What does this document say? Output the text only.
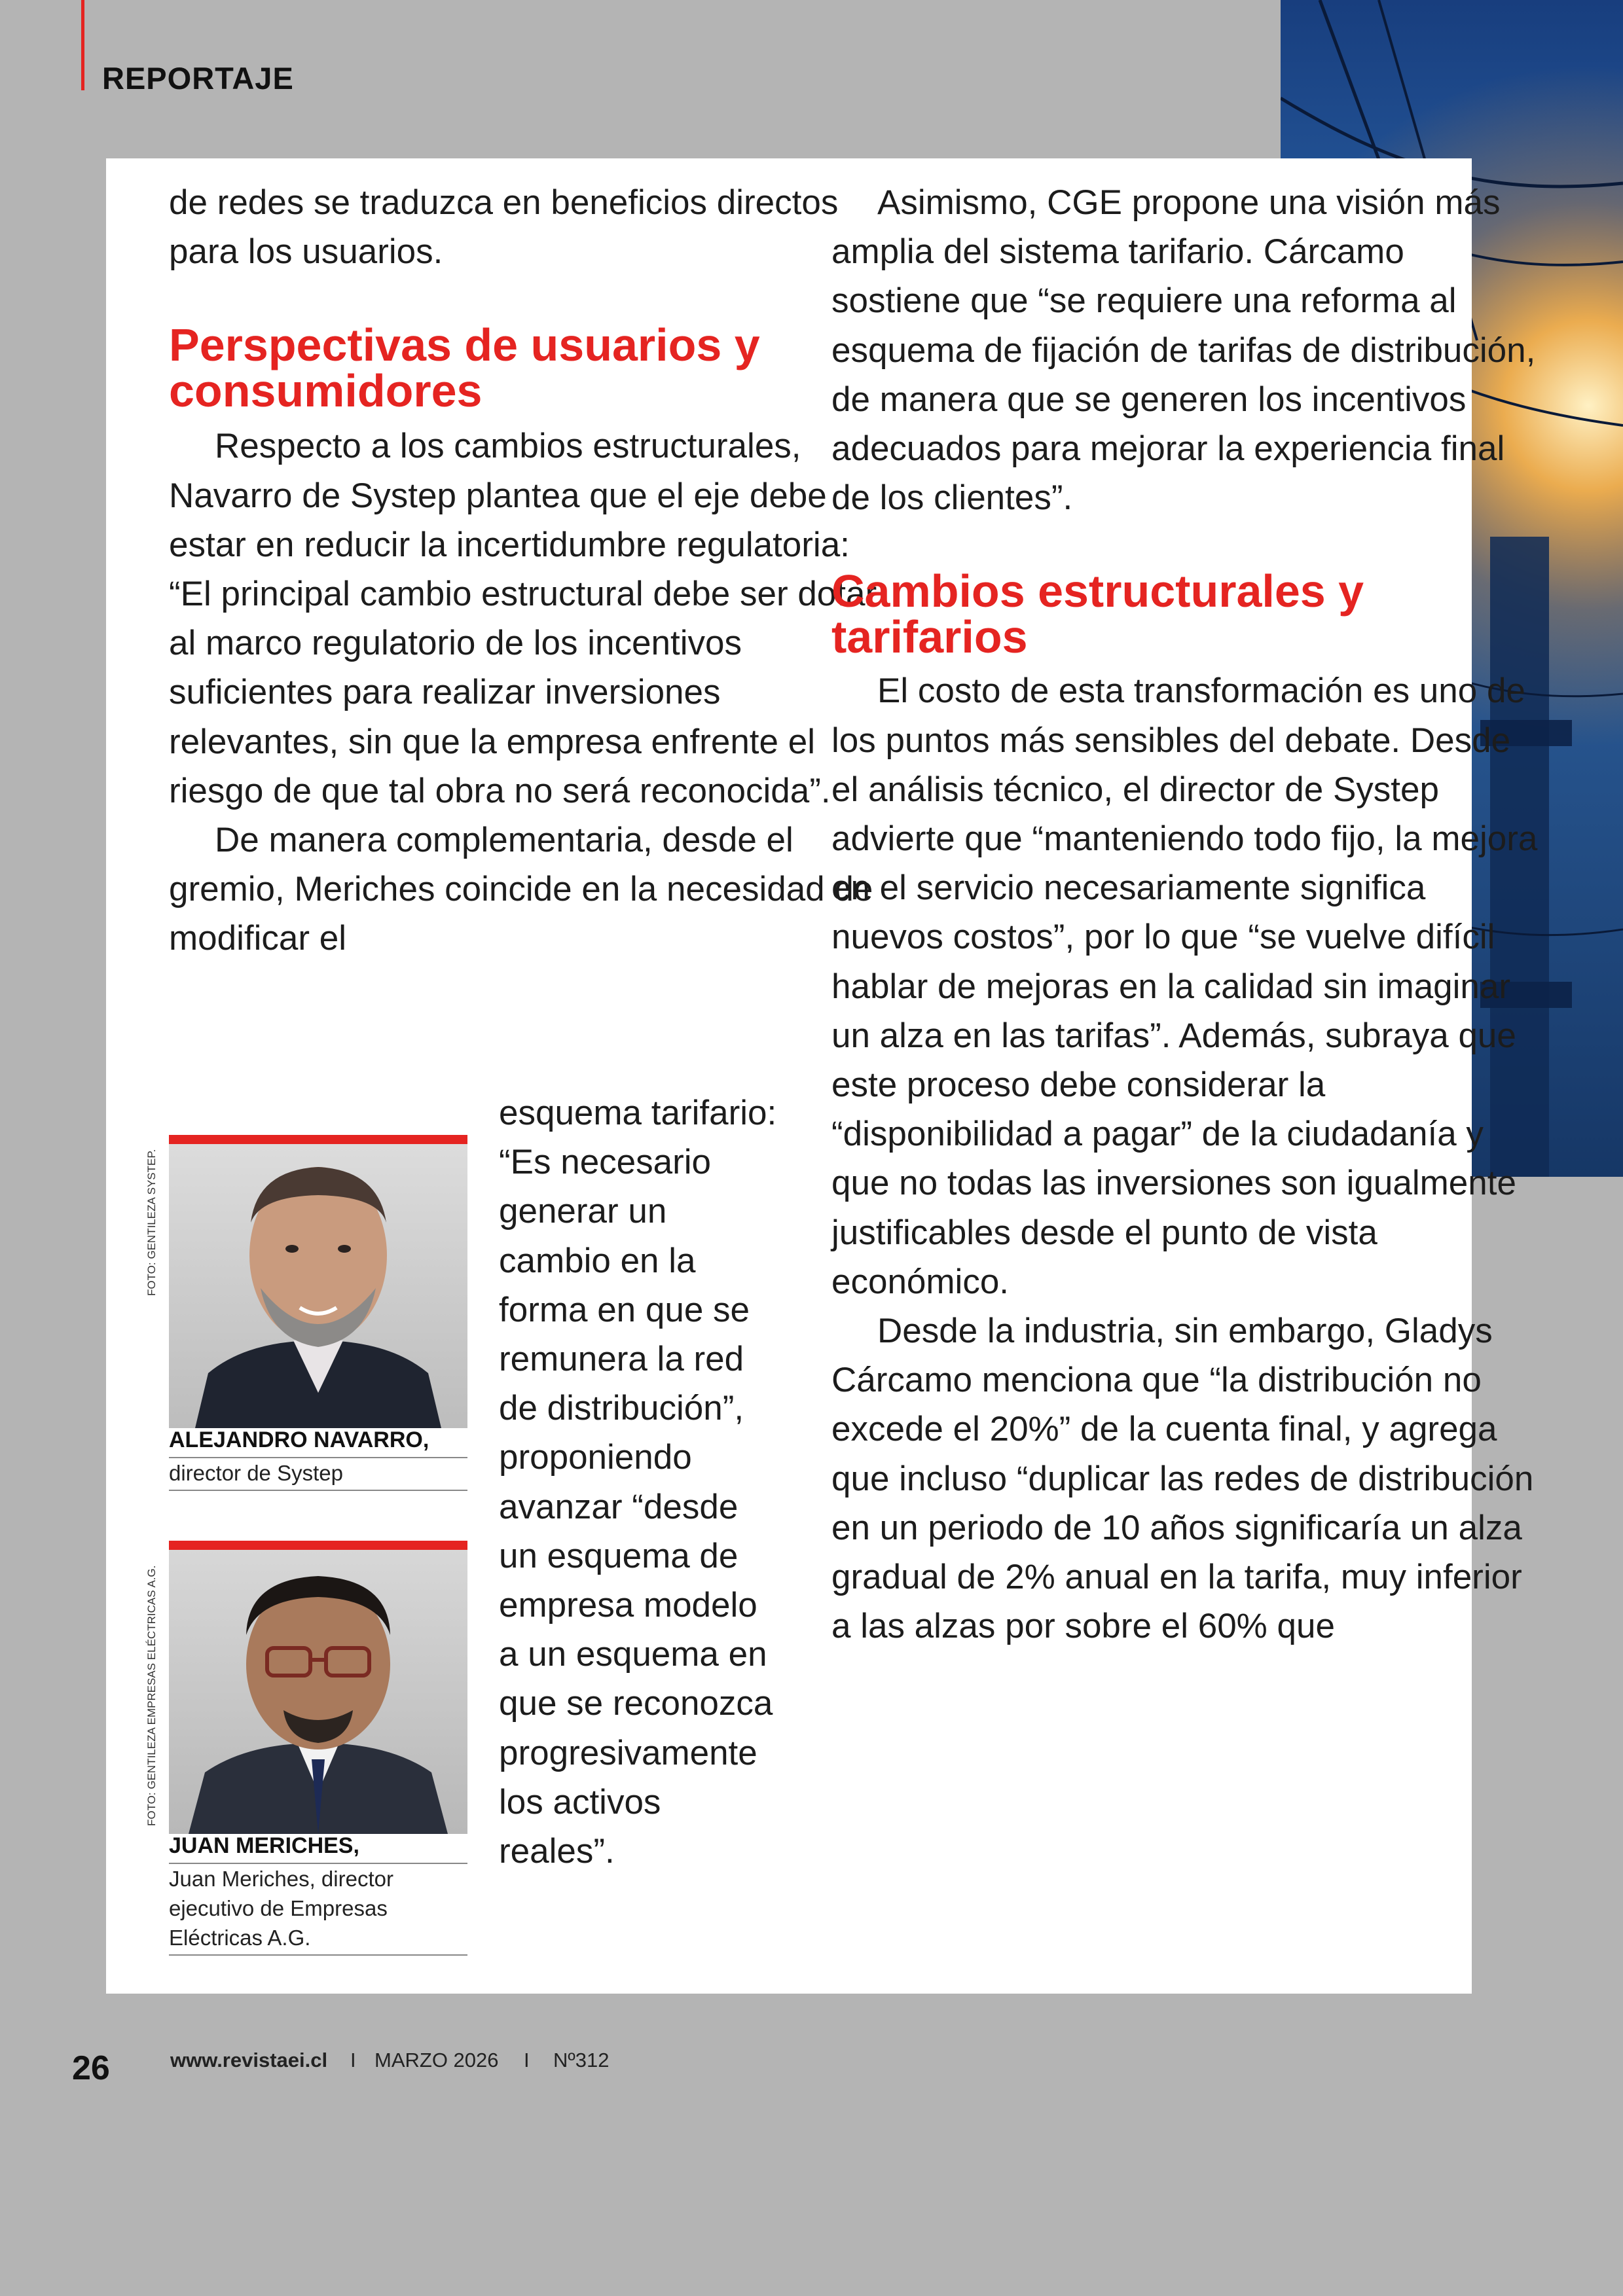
REPORTAJE

de redes se traduzca en beneficios directos para los usuarios.

Perspectivas de usuarios y consumidores

Respecto a los cambios estructurales, Navarro de Systep plantea que el eje debe estar en reducir la incertidumbre regulatoria: “El principal cambio estructural debe ser dotar al marco regulatorio de los incentivos suficientes para realizar inversiones relevantes, sin que la empresa enfrente el riesgo de que tal obra no será reconocida”.

De manera complementaria, desde el gremio, Meriches coincide en la necesidad de modificar el

esquema tarifario: “Es necesario generar un cambio en la forma en que se remunera la red de distribución”, proponiendo avanzar “desde un esquema de empresa modelo a un esquema en que se reconozca progresivamente los activos reales”.

FOTO: GENTILEZA SYSTEP.
ALEJANDRO NAVARRO,
director de Systep
FOTO: GENTILEZA EMPRESAS ELÉCTRICAS A.G.
JUAN MERICHES,
Juan Meriches, director ejecutivo de Empresas Eléctricas A.G.

Asimismo, CGE propone una visión más amplia del sistema tarifario. Cárcamo sostiene que “se requiere una reforma al esquema de fijación de tarifas de distribución, de manera que se generen los incentivos adecuados para mejorar la experiencia final de los clientes”.

Cambios estructurales y tarifarios

El costo de esta transformación es uno de los puntos más sensibles del debate. Desde el análisis técnico, el director de Systep advierte que “manteniendo todo fijo, la mejora en el servicio necesariamente significa nuevos costos”, por lo que “se vuelve difícil hablar de mejoras en la calidad sin imaginar un alza en las tarifas”. Además, subraya que este proceso debe considerar la “disponibilidad a pagar” de la ciudadanía y que no todas las inversiones son igualmente justificables desde el punto de vista económico.

Desde la industria, sin embargo, Gladys Cárcamo menciona que “la distribución no excede el 20%” de la cuenta final, y agrega que incluso “duplicar las redes de distribución en un periodo de 10 años significaría un alza gradual de 2% anual en la tarifa, muy inferior a las alzas por sobre el 60% que

26	www.revistaei.cl I MARZO 2026 I Nº312
